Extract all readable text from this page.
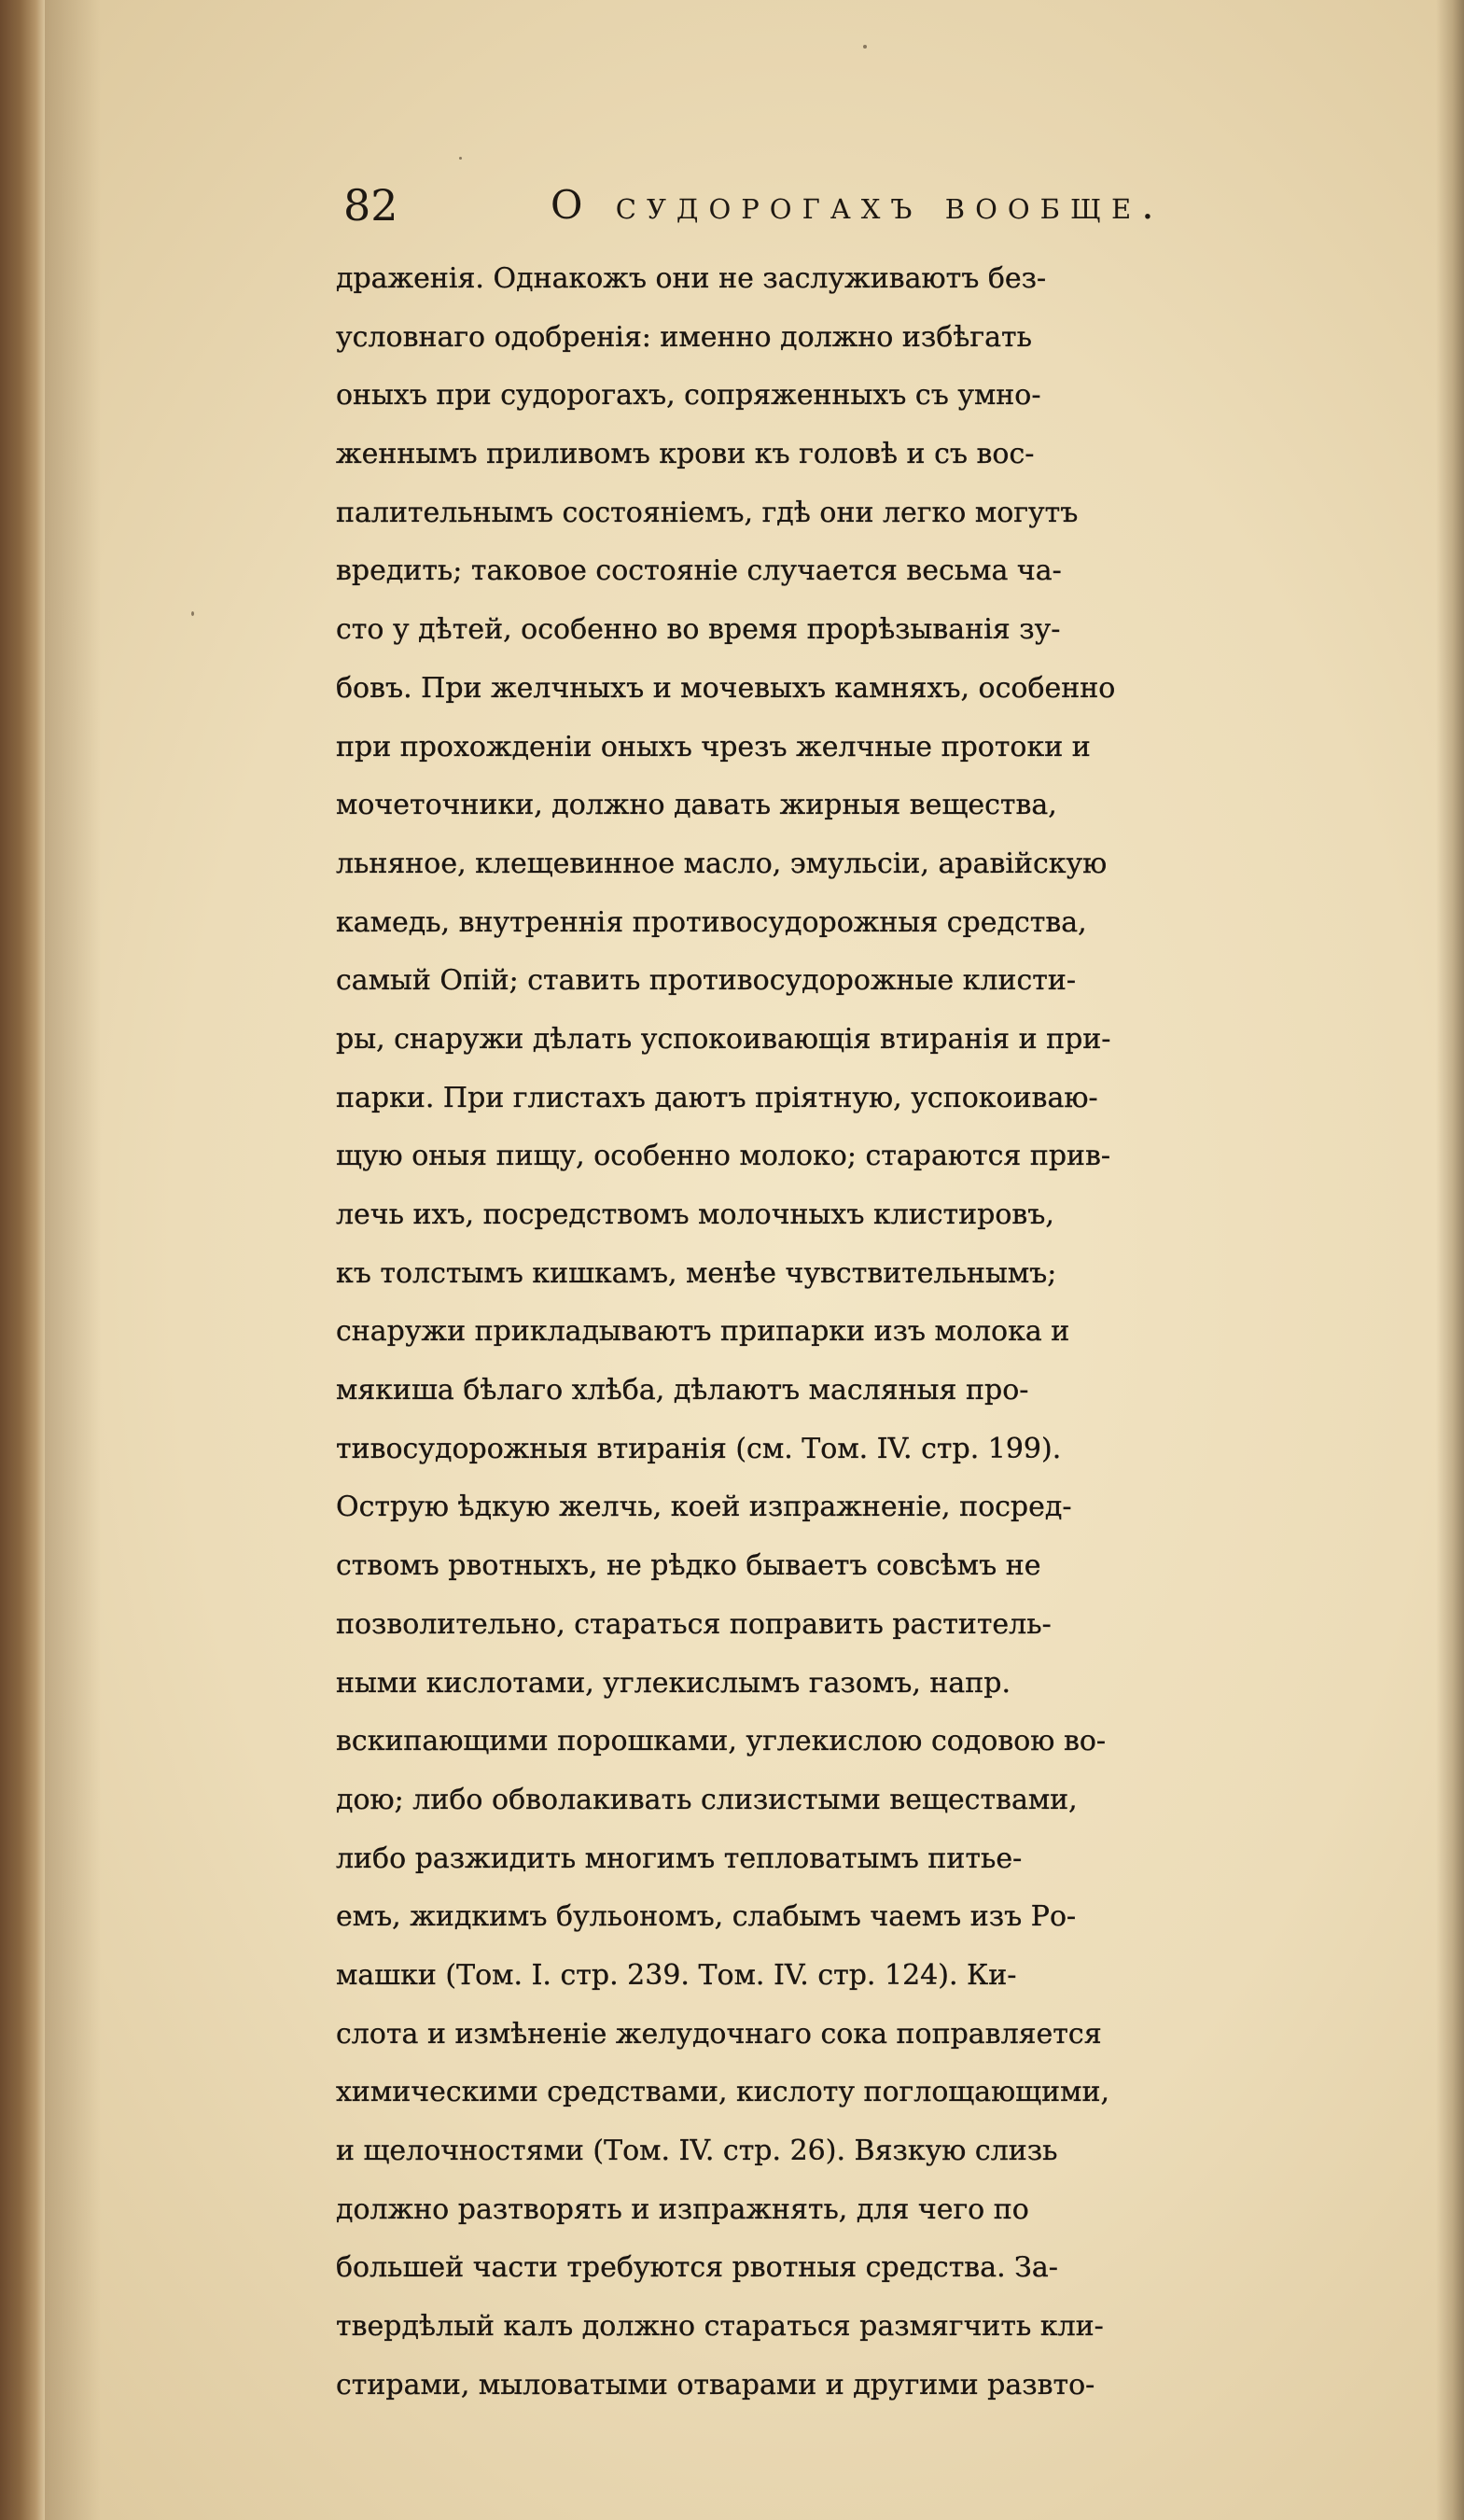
82	О судорогахъ вообще.
драженія. Однакожъ они не заслуживаютъ без-
условнаго одобренія: именно должно избѣгать
оныхъ при судорогахъ, сопряженныхъ съ умно-
женнымъ приливомъ крови къ головѣ и съ вос-
палительнымъ состояніемъ, гдѣ они легко могутъ
вредить; таковое состояніе случается весьма ча-
сто у дѣтей, особенно во время прорѣзыванія зу-
бовъ. При желчныхъ и мочевыхъ камняхъ, особенно
при прохожденіи оныхъ чрезъ желчные протоки и
мочеточники, должно давать жирныя вещества,
льняное, клещевинное масло, эмульсіи, аравійскую
камедь, внутреннія противосудорожныя средства,
самый Опій; ставить противосудорожные клисти-
ры, снаружи дѣлать успокоивающія втиранія и при-
парки. При глистахъ даютъ пріятную, успокоиваю-
щую оныя пищу, особенно молоко; стараются прив-
лечь ихъ, посредствомъ молочныхъ клистировъ,
къ толстымъ кишкамъ, менѣе чувствительнымъ;
снаружи прикладываютъ припарки изъ молока и
мякиша бѣлаго хлѣба, дѣлаютъ масляныя про-
тивосудорожныя втиранія (см. Том. IV. стр. 199).
Острую ѣдкую желчь, коей изпражненіе, посред-
ствомъ рвотныхъ, не рѣдко бываетъ совсѣмъ не
позволительно, стараться поправить раститель-
ными кислотами, углекислымъ газомъ, напр.
вскипающими порошками, углекислою содовою во-
дою; либо обволакивать слизистыми веществами,
либо разжидить многимъ тепловатымъ питье-
емъ, жидкимъ бульономъ, слабымъ чаемъ изъ Ро-
машки (Том. I. стр. 239. Том. IV. стр. 124). Ки-
слота и измѣненіе желудочнаго сока поправляется
химическими средствами, кислоту поглощающими,
и щелочностями (Том. IV. стр. 26). Вязкую слизь
должно разтворять и изпражнять, для чего по
большей части требуются рвотныя средства. За-
твердѣлый калъ должно стараться размягчить кли-
стирами, мыловатыми отварами и другими развто-
